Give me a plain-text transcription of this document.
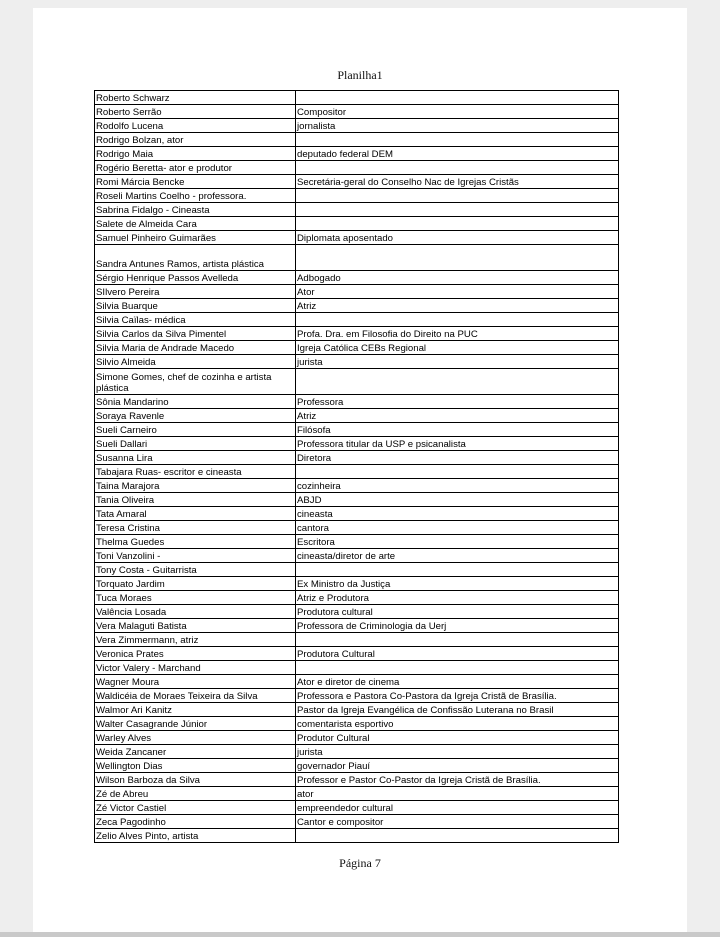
Planilha1
Roberto Schwarz	
Roberto Serrão	Compositor
Rodolfo Lucena	jornalista
Rodrigo Bolzan, ator	
Rodrigo Maia	deputado federal DEM
Rogério Beretta- ator e produtor	
Romi Márcia Bencke	Secretária-geral do Conselho Nac de Igrejas Cristãs
Roseli Martins Coelho - professora.	
Sabrina Fidalgo - Cineasta	
Salete de Almeida Cara	
Samuel Pinheiro Guimarães	Diplomata aposentado
Sandra Antunes Ramos, artista plástica	
Sérgio Henrique Passos Avelleda	Adbogado
SIlvero Pereira	Ator
Silvia Buarque	Atriz
Silvia Caïlas- médica	
Silvia Carlos da Silva Pimentel	Profa. Dra. em Filosofia do Direito na PUC
Silvia Maria de Andrade Macedo	Igreja Católica CEBs Regional
Silvio Almeida	jurista
Simone Gomes, chef de cozinha e artista plástica	
Sônia Mandarino	Professora
Soraya Ravenle	Atriz
Sueli Carneiro	Filósofa
Sueli Dallari	Professora titular da USP e psicanalista
Susanna Lira	Diretora
Tabajara Ruas- escritor e cineasta	
Taina Marajora	cozinheira
Tania Oliveira	ABJD
Tata Amaral	cineasta
Teresa Cristina	cantora
Thelma Guedes	Escritora
Toni Vanzolini -	cineasta/diretor de arte
Tony Costa - Guitarrista	
Torquato Jardim	Ex Ministro da Justiça
Tuca Moraes	Atriz e Produtora
Valência Losada	Produtora cultural
Vera Malaguti Batista	Professora de Criminologia da Uerj
Vera Zimmermann, atriz	
Veronica Prates	Produtora Cultural
Victor Valery - Marchand	
Wagner Moura	Ator e diretor de cinema
Waldicéia de Moraes Teixeira da Silva	Professora e Pastora Co-Pastora da Igreja Cristã de Brasília.
Walmor Ari Kanitz	Pastor da Igreja Evangélica de Confissão Luterana no Brasil
Walter Casagrande Júnior	comentarista esportivo
Warley Alves	Produtor Cultural
Weida Zancaner	jurista
Wellington Dias	governador Piauí
Wilson Barboza da Silva	Professor e Pastor Co-Pastor da Igreja Cristã de Brasília.
Zé de Abreu	ator
Zé Victor Castiel	empreendedor cultural
Zeca Pagodinho	Cantor e compositor
Zelio Alves Pinto, artista	
Página 7
